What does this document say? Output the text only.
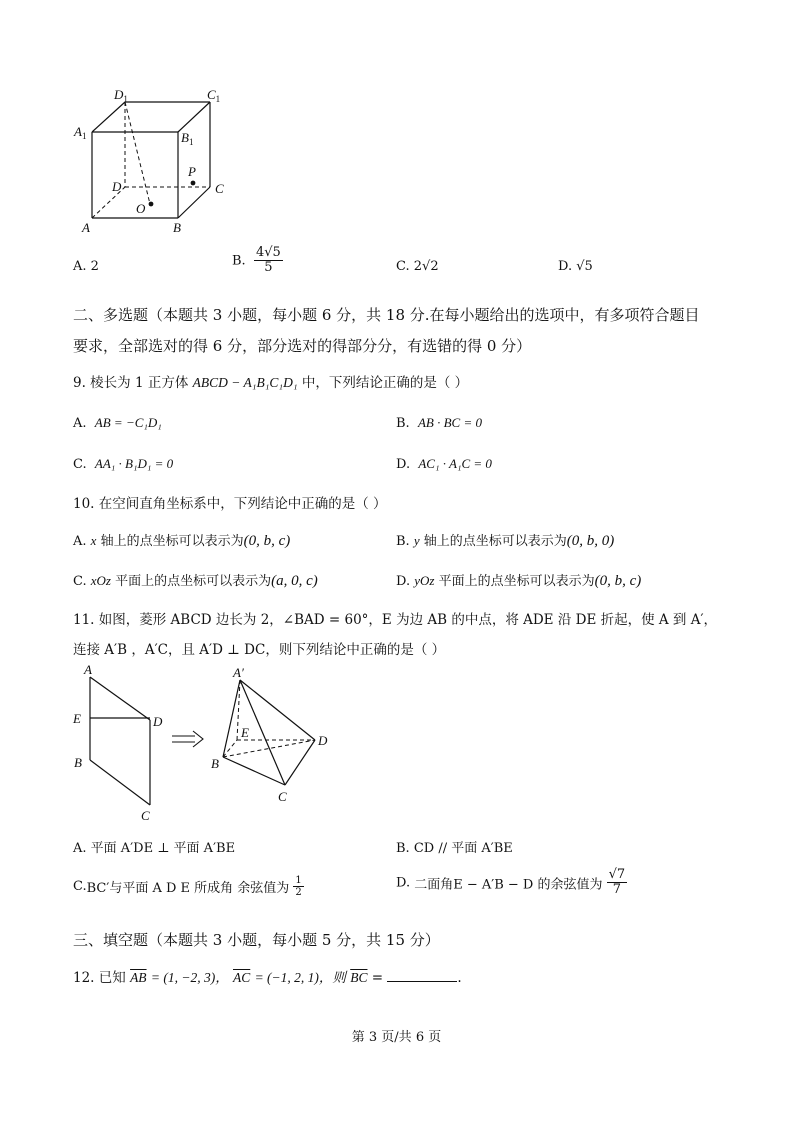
$D_1$	$C_1$
$A_1$	$B_1$
P
D	C
O
A	B
A. 2	B. $\frac{4√5}{5}$	C. 2√2	D. √5
二、多选题（本题共 3 小题，每小题 6 分，共 18 分.在每小题给出的选项中，有多项符合题目
要求，全部选对的得 6 分，部分选对的得部分分，有选错的得 0 分）
9. 棱长为 1 正方体 ABCD − A₁B₁C₁D₁ 中，下列结论正确的是（ ）
A. AB = −C₁D₁	B. AB · BC = 0
C. AA₁ · B₁D₁ = 0	D. AC₁ · A₁C = 0
10. 在空间直角坐标系中，下列结论中正确的是（ ）
A. x 轴上的点坐标可以表示为(0, b, c)	B. y 轴上的点坐标可以表示为(0, b, 0)
C. xOz 平面上的点坐标可以表示为(a, 0, c)	D. yOz 平面上的点坐标可以表示为(0, b, c)
11. 如图，菱形 ABCD 边长为 2，∠BAD = 60°，E 为边 AB 的中点，将 ADE 沿 DE 折起，使 A 到 A′，
连接 A′B ，A′C，且 A′D ⊥ DC，则下列结论中正确的是（ ）
A
E	D
B
C
A′
E
D
B
C
A. 平面 A′DE ⊥ 平面 A′BE	B. CD // 平面 A′BE
C.BC′与平面 A D E 所成角 余弦值为 $\frac{1}{2}$	D. 二面角E − A′B − D 的余弦值为 $\frac{√7}{7}$
三、填空题（本题共 3 小题，每小题 5 分，共 15 分）
12. 已知 $\overline{AB} = (1$, −2, 3)， $\overline{AC} = (-1$, 2, 1)，则 $\overline{BC}$ =	.
第 3 页/共 6 页
